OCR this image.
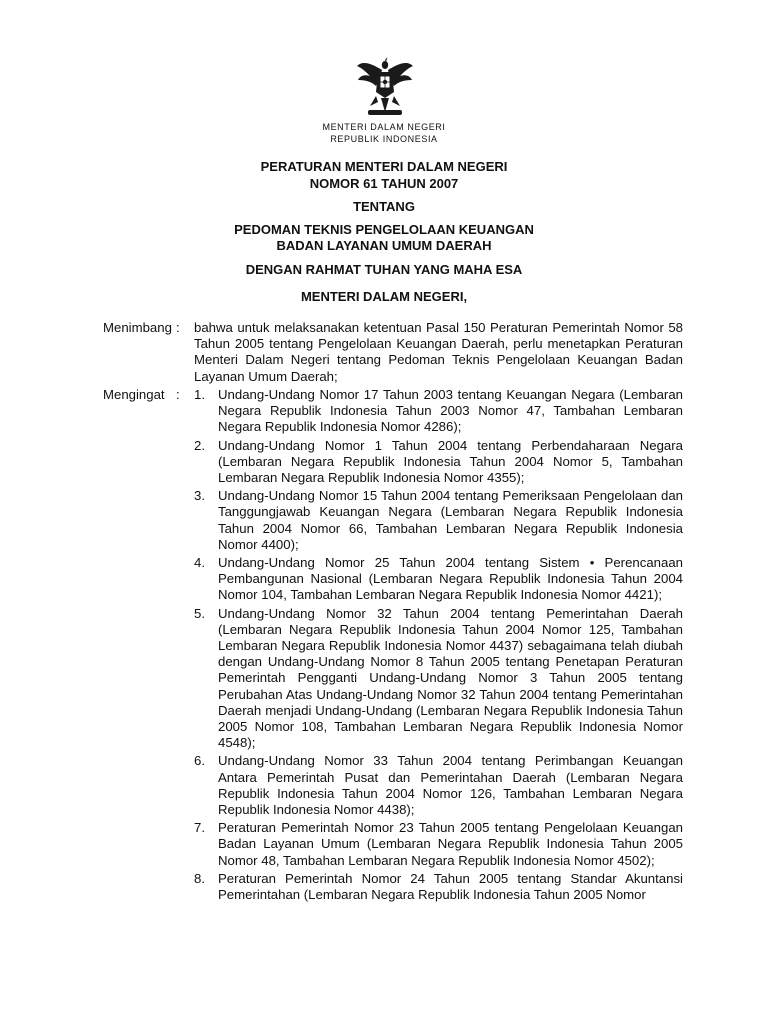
MENTERI DALAM NEGERI
REPUBLIK INDONESIA
PERATURAN MENTERI DALAM NEGERI
NOMOR 61 TAHUN 2007
TENTANG
PEDOMAN TEKNIS PENGELOLAAN KEUANGAN
BADAN LAYANAN UMUM DAERAH
DENGAN RAHMAT TUHAN YANG MAHA ESA
MENTERI DALAM NEGERI,
Menimbang :	bahwa untuk melaksanakan ketentuan Pasal 150 Peraturan Pemerintah Nomor 58 Tahun 2005 tentang Pengelolaan Keuangan Daerah, perlu menetapkan Peraturan Menteri Dalam Negeri tentang Pedoman Teknis Pengelolaan Keuangan Badan Layanan Umum Daerah;
Mengingat :	1. Undang-Undang Nomor 17 Tahun 2003 tentang Keuangan Negara (Lembaran Negara Republik Indonesia Tahun 2003 Nomor 47, Tambahan Lembaran Negara Republik Indonesia Nomor 4286);
2. Undang-Undang Nomor 1 Tahun 2004 tentang Perbendaharaan Negara (Lembaran Negara Republik Indonesia Tahun 2004 Nomor 5, Tambahan Lembaran Negara Republik Indonesia Nomor 4355);
3. Undang-Undang Nomor 15 Tahun 2004 tentang Pemeriksaan Pengelolaan dan Tanggungjawab Keuangan Negara (Lembaran Negara Republik Indonesia Tahun 2004 Nomor 66, Tambahan Lembaran Negara Republik Indonesia Nomor 4400);
4. Undang-Undang Nomor 25 Tahun 2004 tentang Sistem • Perencanaan Pembangunan Nasional (Lembaran Negara Republik Indonesia Tahun 2004 Nomor 104, Tambahan Lembaran Negara Republik Indonesia Nomor 4421);
5. Undang-Undang Nomor 32 Tahun 2004 tentang Pemerintahan Daerah (Lembaran Negara Republik Indonesia Tahun 2004 Nomor 125, Tambahan Lembaran Negara Republik Indonesia Nomor 4437) sebagaimana telah diubah dengan Undang-Undang Nomor 8 Tahun 2005 tentang Penetapan Peraturan Pemerintah Pengganti Undang-Undang Nomor 3 Tahun 2005 tentang Perubahan Atas Undang-Undang Nomor 32 Tahun 2004 tentang Pemerintahan Daerah menjadi Undang-Undang (Lembaran Negara Republik Indonesia Tahun 2005 Nomor 108, Tambahan Lembaran Negara Republik Indonesia Nomor 4548);
6. Undang-Undang Nomor 33 Tahun 2004 tentang Perimbangan Keuangan Antara Pemerintah Pusat dan Pemerintahan Daerah (Lembaran Negara Republik Indonesia Tahun 2004 Nomor 126, Tambahan Lembaran Negara Republik Indonesia Nomor 4438);
7. Peraturan Pemerintah Nomor 23 Tahun 2005 tentang Pengelolaan Keuangan Badan Layanan Umum (Lembaran Negara Republik Indonesia Tahun 2005 Nomor 48, Tambahan Lembaran Negara Republik Indonesia Nomor 4502);
8. Peraturan Pemerintah Nomor 24 Tahun 2005 tentang Standar Akuntansi Pemerintahan (Lembaran Negara Republik Indonesia Tahun 2005 Nomor
